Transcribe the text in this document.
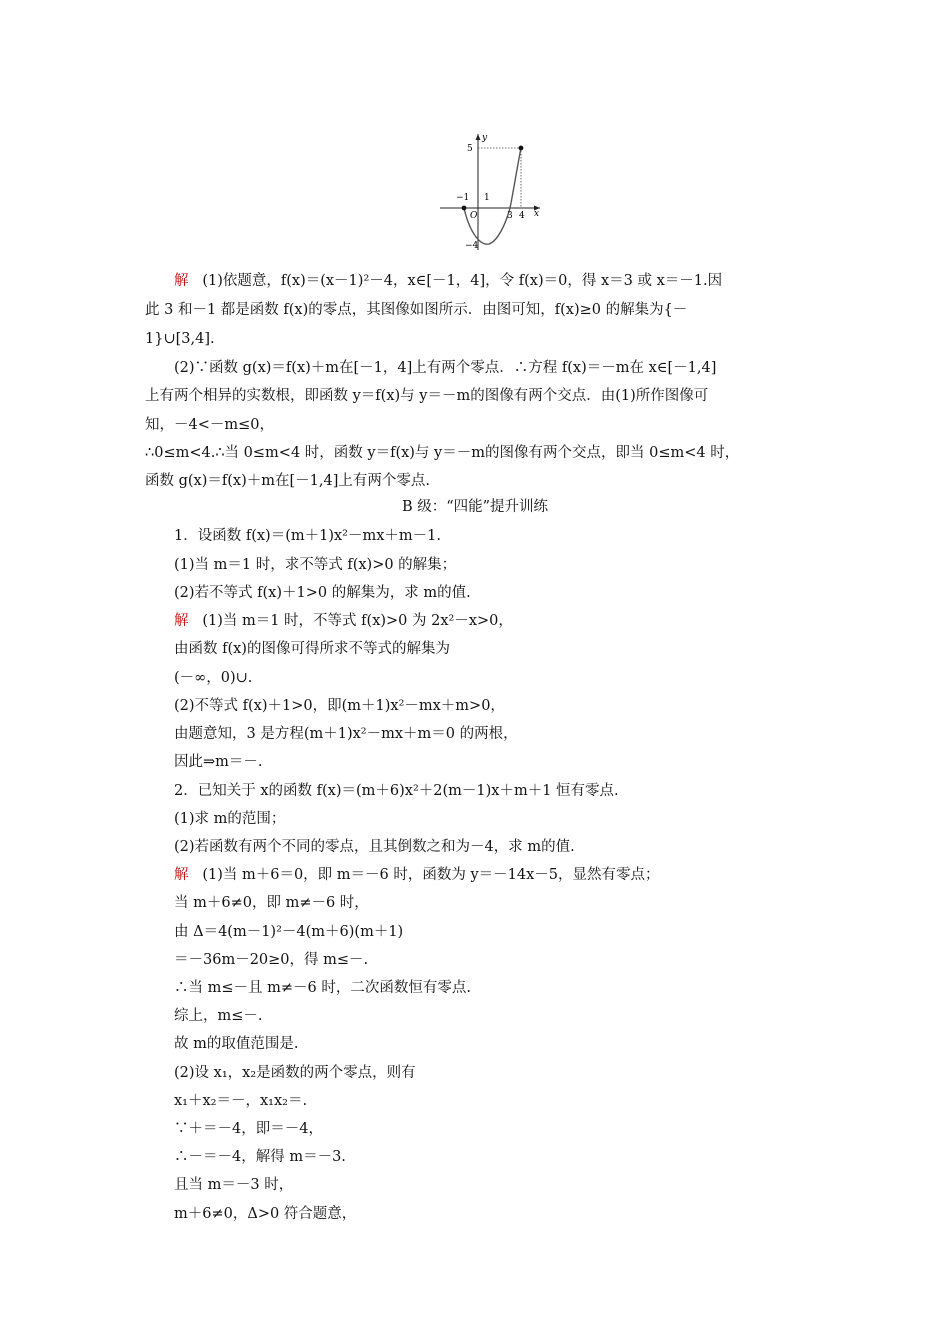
y
x
5
−1 1
O	3 4
−4
解 (1)依题意，f(x)＝(x－1)²－4，x∈[－1，4]，令 f(x)＝0，得 x＝3 或 x＝－1.因
此 3 和－1 都是函数 f(x)的零点，其图像如图所示．由图可知，f(x)≥0 的解集为{－
1}∪[3,4].
(2)∵函数 g(x)＝f(x)＋m在[－1，4]上有两个零点．∴方程 f(x)＝－m在 x∈[－1,4]
上有两个相异的实数根，即函数 y＝f(x)与 y＝－m的图像有两个交点．由(1)所作图像可
知，－4<－m≤0，
∴0≤m<4.∴当 0≤m<4 时，函数 y＝f(x)与 y＝－m的图像有两个交点，即当 0≤m<4 时，
函数 g(x)＝f(x)＋m在[－1,4]上有两个零点.
B 级：“四能”提升训练
1．设函数 f(x)＝(m＋1)x²－mx＋m－1.
(1)当 m＝1 时，求不等式 f(x)>0 的解集；
(2)若不等式 f(x)＋1>0 的解集为，求 m的值.
解 (1)当 m＝1 时，不等式 f(x)>0 为 2x²－x>0，
由函数 f(x)的图像可得所求不等式的解集为
(－∞，0)∪.
(2)不等式 f(x)＋1>0，即(m＋1)x²－mx＋m>0，
由题意知，3 是方程(m＋1)x²－mx＋m＝0 的两根，
因此⇒m＝－.
2．已知关于 x的函数 f(x)＝(m＋6)x²＋2(m－1)x＋m＋1 恒有零点.
(1)求 m的范围；
(2)若函数有两个不同的零点，且其倒数之和为－4，求 m的值.
解 (1)当 m＋6＝0，即 m＝－6 时，函数为 y＝－14x－5，显然有零点；
当 m＋6≠0，即 m≠－6 时，
由 Δ＝4(m－1)²－4(m＋6)(m＋1)
＝－36m－20≥0，得 m≤－.
∴当 m≤－且 m≠－6 时，二次函数恒有零点.
综上，m≤－.
故 m的取值范围是.
(2)设 x₁，x₂是函数的两个零点，则有
x₁＋x₂＝－，x₁x₂＝.
∵＋＝－4，即＝－4，
∴－＝－4，解得 m＝－3.
且当 m＝－3 时，
m＋6≠0，Δ>0 符合题意，
